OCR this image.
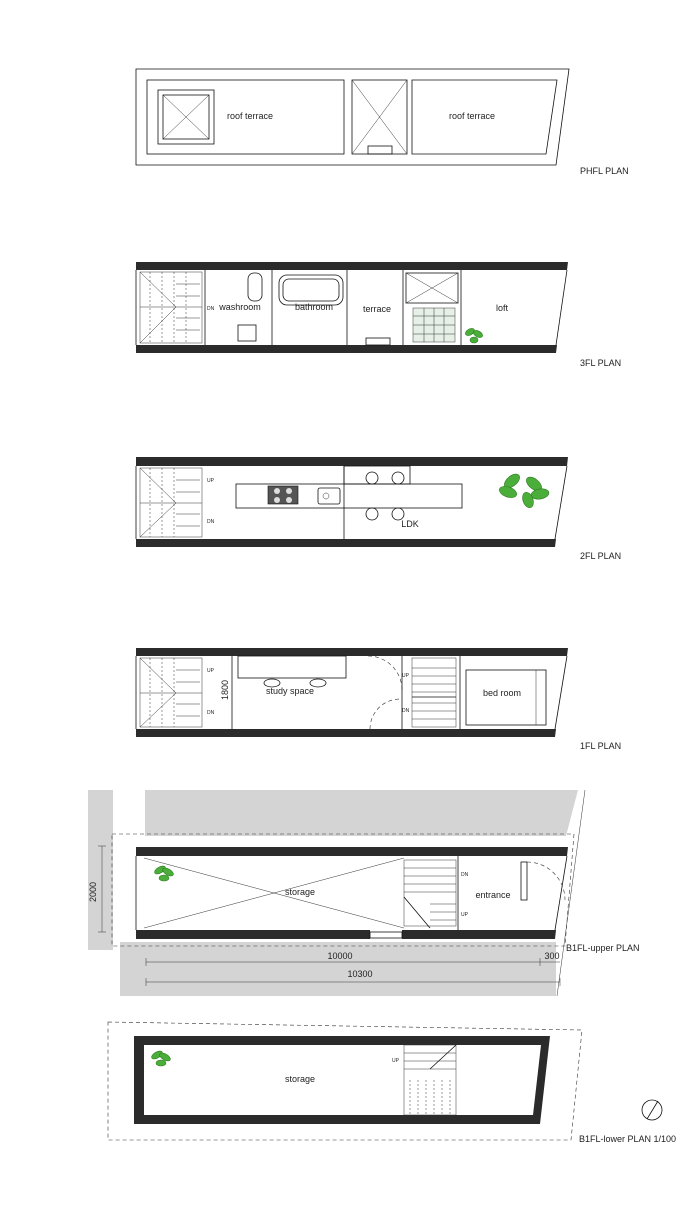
roof terrace	roof terrace
PHFL PLAN
DN washroom	bathroom	terrace	loft
3FL PLAN
UP
DN	LDK
2FL PLAN
UP
DN
1800
UP
DN
study space	bed room
1FL PLAN
DN
UP
2000
10000	300
10300
storage	entrance
B1FL-upper PLAN
UP
storage
B1FL-lower PLAN 1/100
